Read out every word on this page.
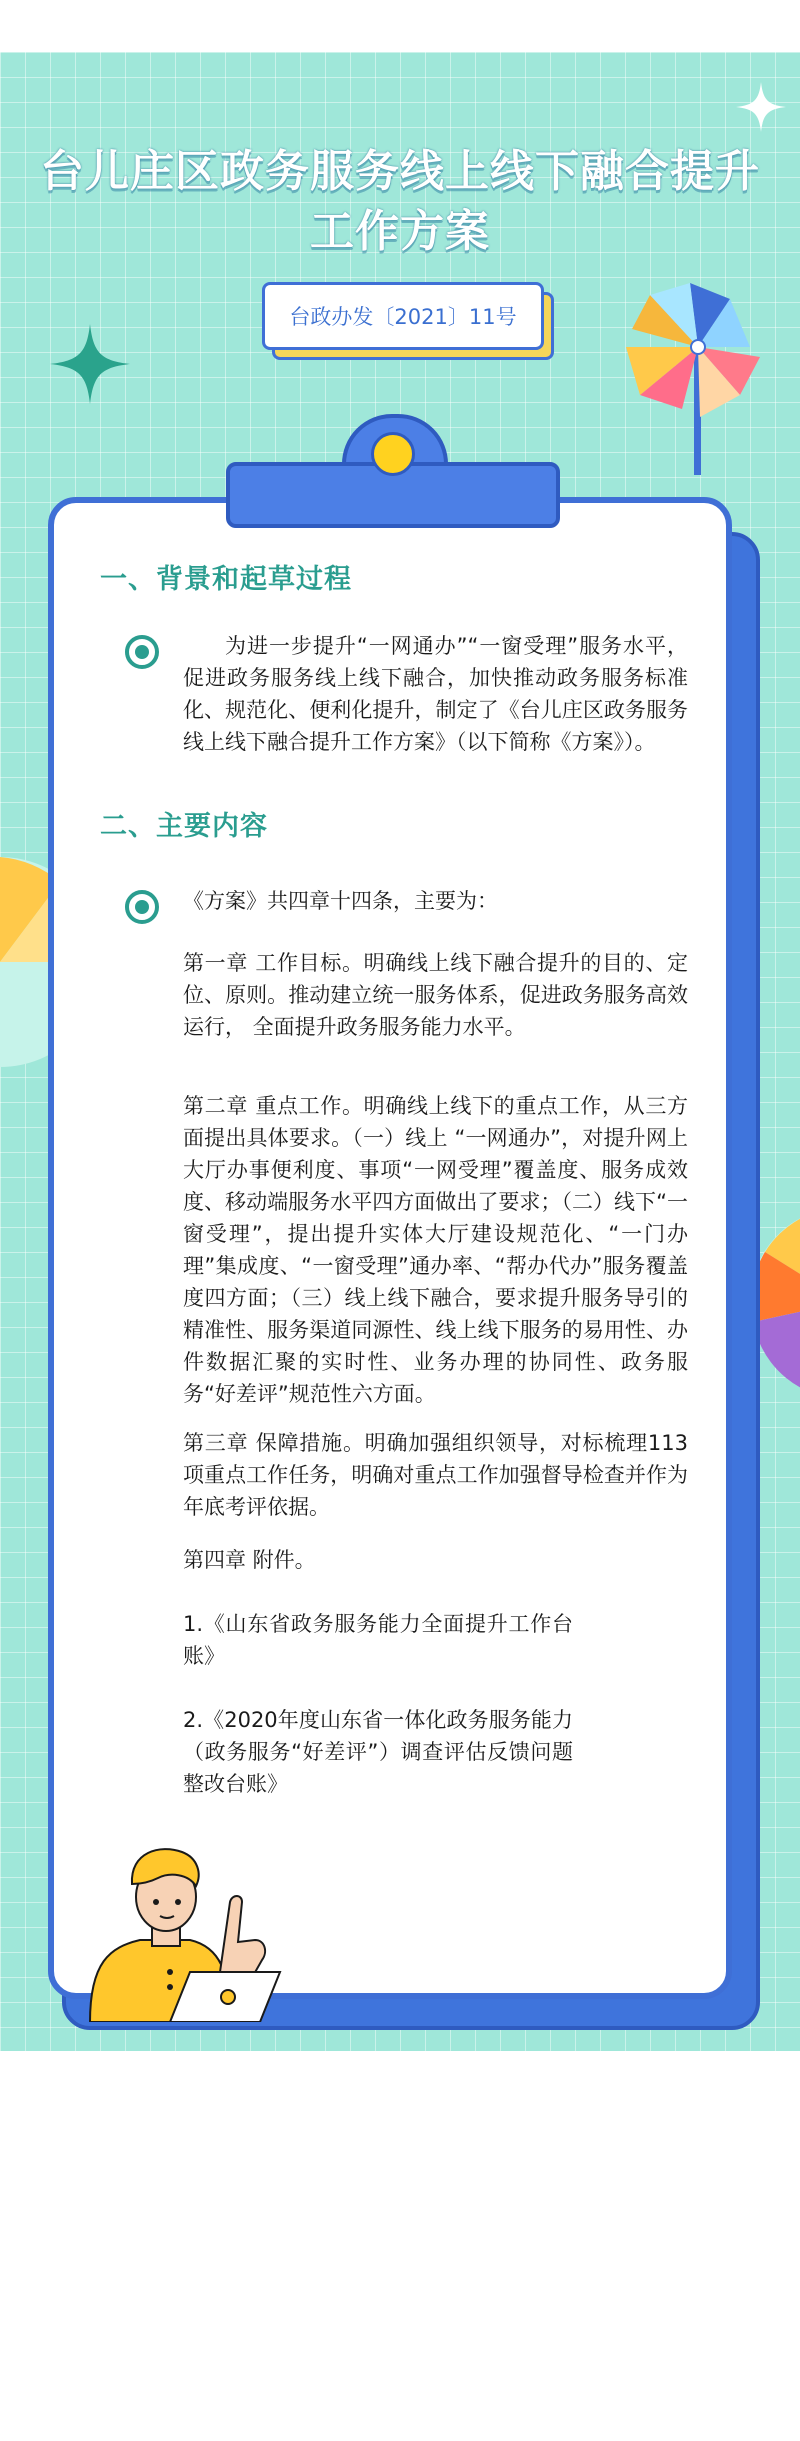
台儿庄区政务服务线上线下融合提升工作方案
台政办发〔2021〕11号
一、背景和起草过程
为进一步提升“一网通办”“一窗受理”服务水平，促进政务服务线上线下融合，加快推动政务服务标准化、规范化、便利化提升，制定了《台儿庄区政务服务线上线下融合提升工作方案》（以下简称《方案》）。
二、主要内容
《方案》共四章十四条，主要为：
第一章 工作目标。明确线上线下融合提升的目的、定位、原则。推动建立统一服务体系，促进政务服务高效运行， 全面提升政务服务能力水平。
第二章 重点工作。明确线上线下的重点工作，从三方面提出具体要求。（一）线上 “一网通办”，对提升网上大厅办事便利度、事项“一网受理”覆盖度、服务成效度、移动端服务水平四方面做出了要求；（二）线下“一窗受理”，提出提升实体大厅建设规范化、“一门办理”集成度、“一窗受理”通办率、“帮办代办”服务覆盖度四方面；（三）线上线下融合，要求提升服务导引的精准性、服务渠道同源性、线上线下服务的易用性、办件数据汇聚的实时性、业务办理的协同性、政务服务“好差评”规范性六方面。
第三章 保障措施。明确加强组织领导，对标梳理113项重点工作任务，明确对重点工作加强督导检查并作为年底考评依据。
第四章 附件。
1.《山东省政务服务能力全面提升工作台账》
2.《2020年度山东省一体化政务服务能力（政务服务“好差评”）调查评估反馈问题整改台账》
